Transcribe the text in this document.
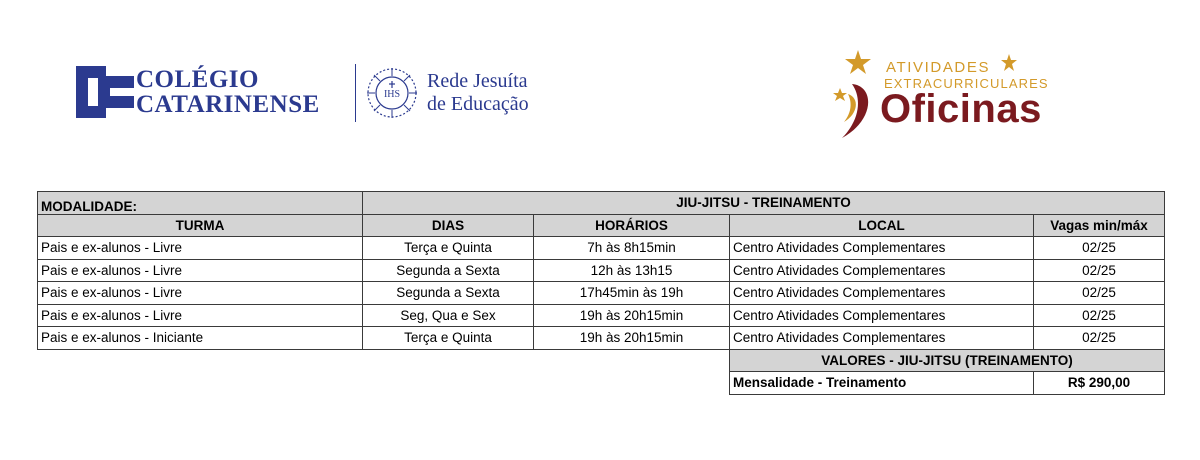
COLÉGIO
CATARINENSE	IHS
Rede Jesuíta
de Educação
ATIVIDADES
EXTRACURRICULARES
Oficinas
MODALIDADE:	JIU-JITSU - TREINAMENTO			
TURMA	DIAS	HORÁRIOS	LOCAL	Vagas min/máx
Pais e ex-alunos - Livre	Terça e Quinta	7h às 8h15min	Centro Atividades Complementares	02/25
Pais e ex-alunos - Livre	Segunda a Sexta	12h às 13h15	Centro Atividades Complementares	02/25
Pais e ex-alunos - Livre	Segunda a Sexta	17h45min às 19h	Centro Atividades Complementares	02/25
Pais e ex-alunos - Livre	Seg, Qua e Sex	19h às 20h15min	Centro Atividades Complementares	02/25
Pais e ex-alunos - Iniciante	Terça e Quinta	19h às 20h15min	Centro Atividades Complementares	02/25
			VALORES - JIU-JITSU (TREINAMENTO)	
			Mensalidade - Treinamento	R$ 290,00
